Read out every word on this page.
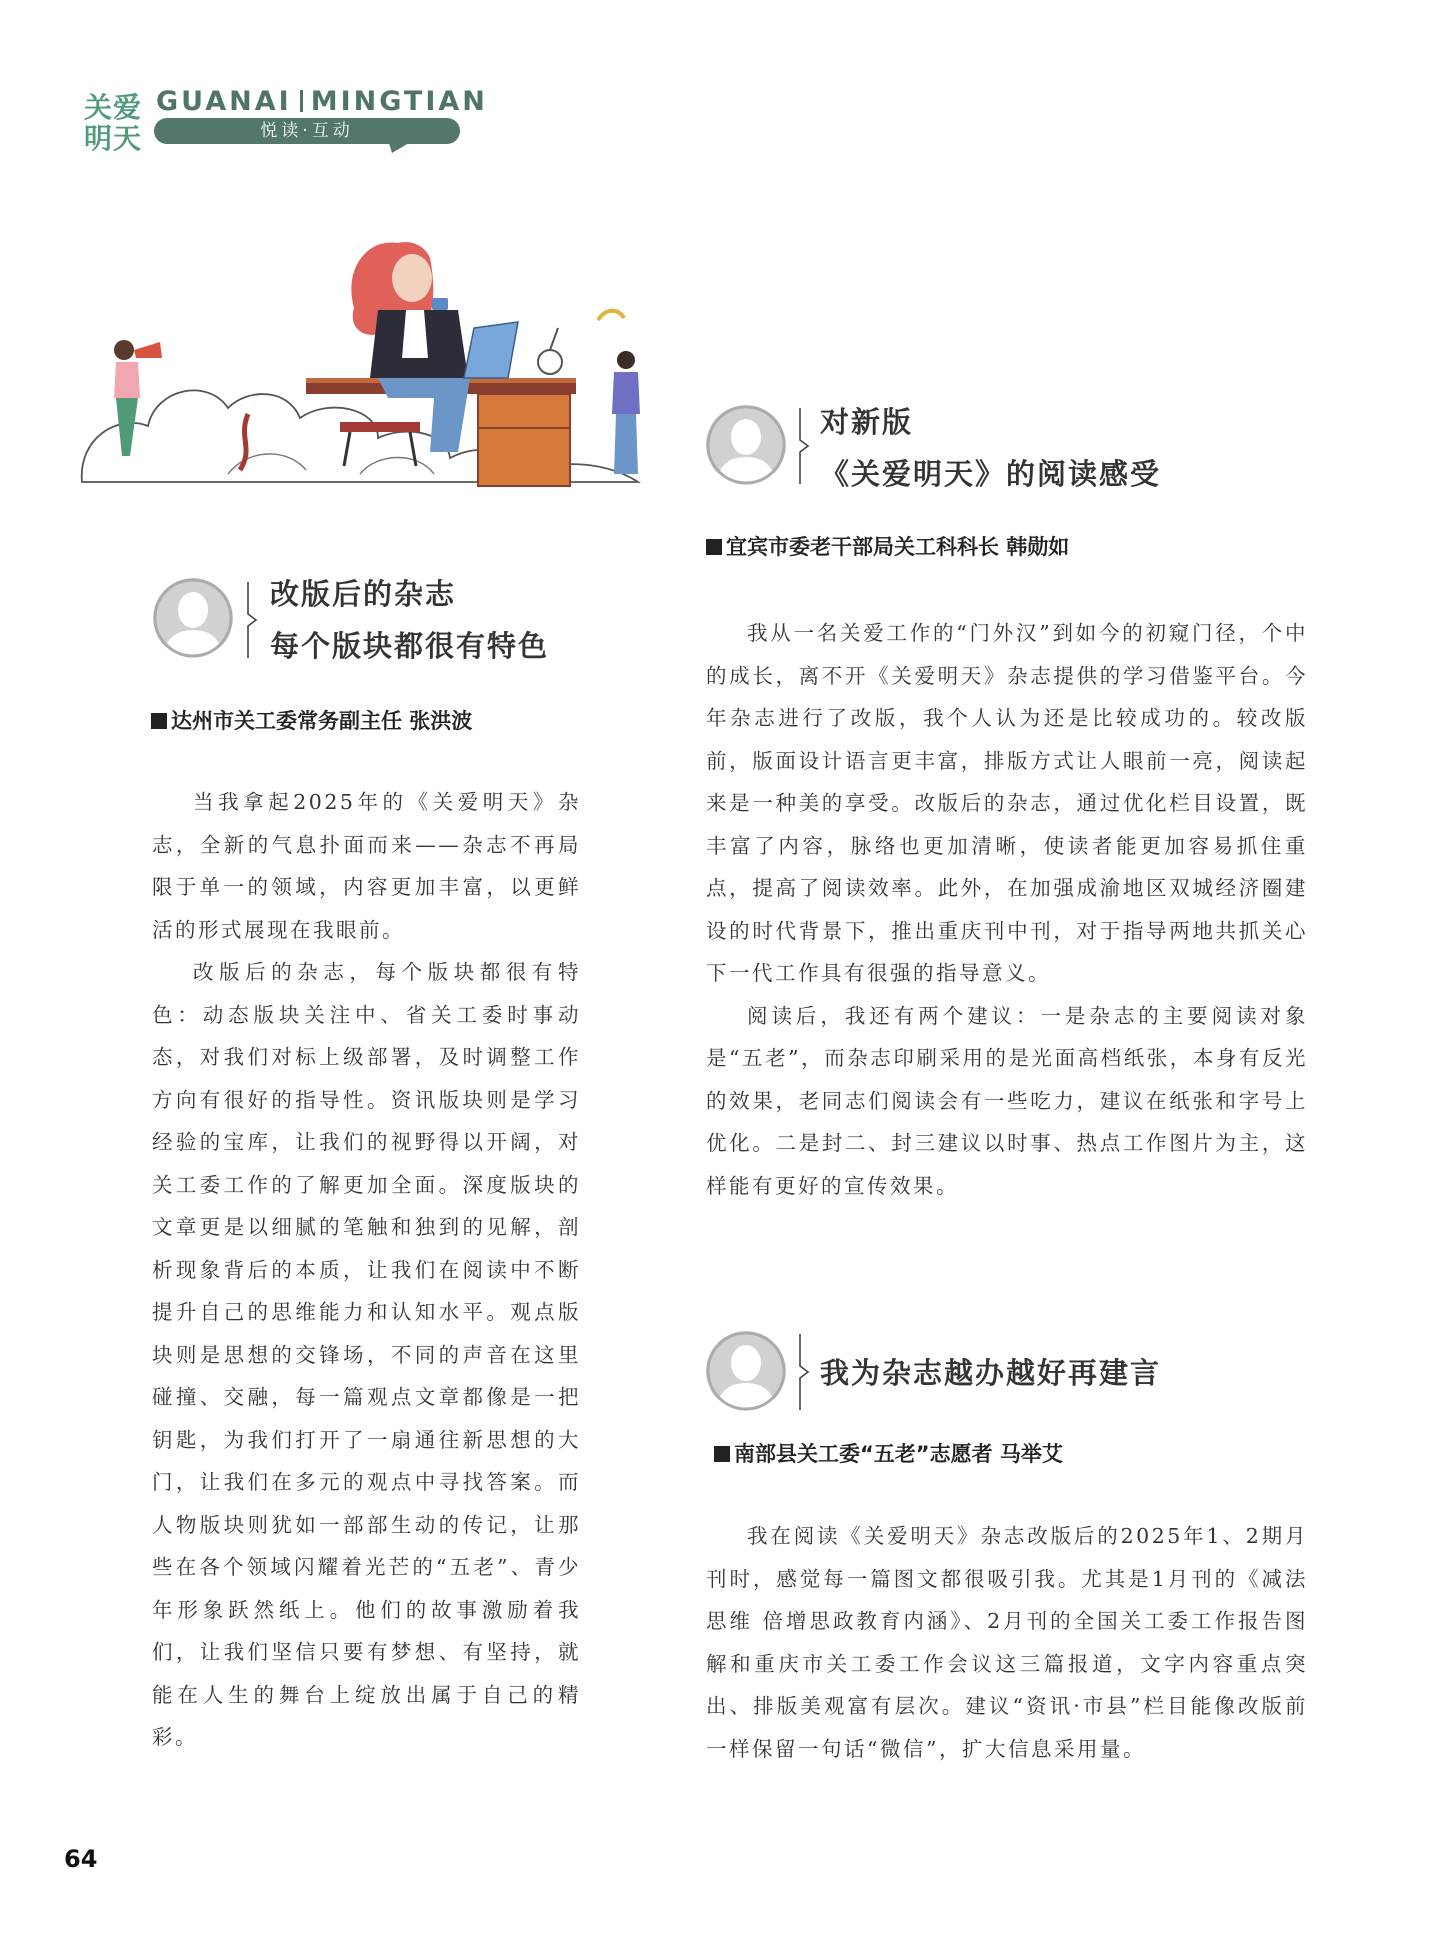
关爱
明天
GUANAI MINGTIAN
悦读·互动
改版后的杂志
每个版块都很有特色
达州市关工委常务副主任 张洪波

当我拿起2025年的《关爱明天》杂志，全新的气息扑面而来——杂志不再局限于单一的领域，内容更加丰富，以更鲜活的形式展现在我眼前。

改版后的杂志，每个版块都很有特色：动态版块关注中、省关工委时事动态，对我们对标上级部署，及时调整工作方向有很好的指导性。资讯版块则是学习经验的宝库，让我们的视野得以开阔，对关工委工作的了解更加全面。深度版块的文章更是以细腻的笔触和独到的见解，剖析现象背后的本质，让我们在阅读中不断提升自己的思维能力和认知水平。观点版块则是思想的交锋场，不同的声音在这里碰撞、交融，每一篇观点文章都像是一把钥匙，为我们打开了一扇通往新思想的大门，让我们在多元的观点中寻找答案。而人物版块则犹如一部部生动的传记，让那些在各个领域闪耀着光芒的“五老”、青少年形象跃然纸上。他们的故事激励着我们，让我们坚信只要有梦想、有坚持，就能在人生的舞台上绽放出属于自己的精彩。

对新版
《关爱明天》的阅读感受
宜宾市委老干部局关工科科长 韩勋如

我从一名关爱工作的“门外汉”到如今的初窥门径，个中的成长，离不开《关爱明天》杂志提供的学习借鉴平台。今年杂志进行了改版，我个人认为还是比较成功的。较改版前，版面设计语言更丰富，排版方式让人眼前一亮，阅读起来是一种美的享受。改版后的杂志，通过优化栏目设置，既丰富了内容，脉络也更加清晰，使读者能更加容易抓住重点，提高了阅读效率。此外，在加强成渝地区双城经济圈建设的时代背景下，推出重庆刊中刊，对于指导两地共抓关心下一代工作具有很强的指导意义。

阅读后，我还有两个建议：一是杂志的主要阅读对象是“五老”，而杂志印刷采用的是光面高档纸张，本身有反光的效果，老同志们阅读会有一些吃力，建议在纸张和字号上优化。二是封二、封三建议以时事、热点工作图片为主，这样能有更好的宣传效果。

我为杂志越办越好再建言
南部县关工委“五老”志愿者 马举艾

我在阅读《关爱明天》杂志改版后的2025年1、2期月刊时，感觉每一篇图文都很吸引我。尤其是1月刊的《减法思维 倍增思政教育内涵》、2月刊的全国关工委工作报告图解和重庆市关工委工作会议这三篇报道，文字内容重点突出、排版美观富有层次。建议“资讯·市县”栏目能像改版前一样保留一句话“微信”，扩大信息采用量。

64
